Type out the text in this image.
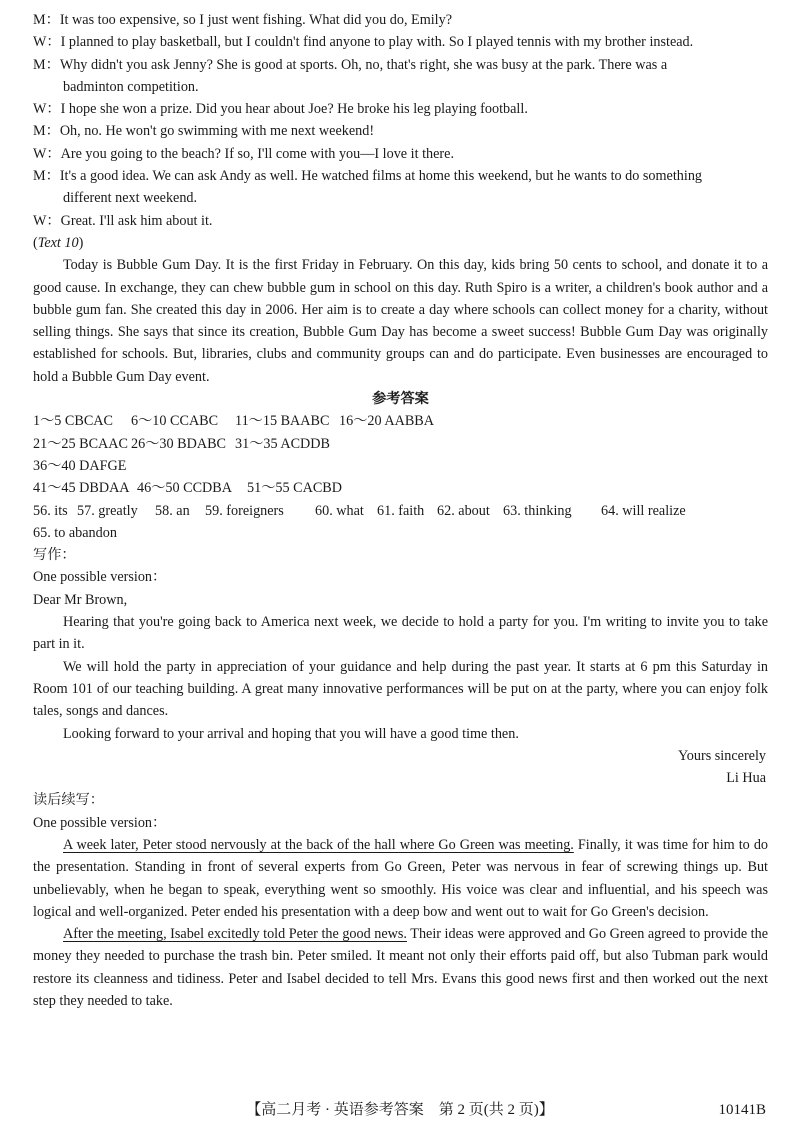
M：It was too expensive, so I just went fishing. What did you do, Emily?
W：I planned to play basketball, but I couldn't find anyone to play with. So I played tennis with my brother instead.
M：Why didn't you ask Jenny? She is good at sports. Oh, no, that's right, she was busy at the park. There was a
badminton competition.
W：I hope she won a prize. Did you hear about Joe? He broke his leg playing football.
M：Oh, no. He won't go swimming with me next weekend!
W：Are you going to the beach? If so, I'll come with you—I love it there.
M：It's a good idea. We can ask Andy as well. He watched films at home this weekend, but he wants to do something
different next weekend.
W：Great. I'll ask him about it.
(Text 10)
Today is Bubble Gum Day. It is the first Friday in February. On this day, kids bring 50 cents to school, and donate it to a good cause. In exchange, they can chew bubble gum in school on this day. Ruth Spiro is a writer, a children's book author and a bubble gum fan. She created this day in 2006. Her aim is to create a day where schools can collect money for a charity, without selling things. She says that since its creation, Bubble Gum Day has become a sweet success! Bubble Gum Day was originally established for schools. But, libraries, clubs and community groups can and do participate. Even businesses are encouraged to hold a Bubble Gum Day event.
参考答案
1～5 CBCAC 6～10 CCABC 11～15 BAABC 16～20 AABBA
21～25 BCAAC 26～30 BDABC 31～35 ACDDB
36～40 DAFGE
41～45 DBDAA 46～50 CCDBA 51～55 CACBD
56. its 57. greatly 58. an 59. foreigners 60. what 61. faith 62. about 63. thinking 64. will realize
65. to abandon
写作：
One possible version：
Dear Mr Brown,
Hearing that you're going back to America next week, we decide to hold a party for you. I'm writing to invite you to take part in it.
We will hold the party in appreciation of your guidance and help during the past year. It starts at 6 pm this Saturday in Room 101 of our teaching building. A great many innovative performances will be put on at the party, where you can enjoy folk tales, songs and dances.
Looking forward to your arrival and hoping that you will have a good time then.
Yours sincerely
Li Hua
读后续写：
One possible version：
A week later, Peter stood nervously at the back of the hall where Go Green was meeting. Finally, it was time for him to do the presentation. Standing in front of several experts from Go Green, Peter was nervous in fear of screwing things up. But unbelievably, when he began to speak, everything went so smoothly. His voice was clear and influential, and his speech was logical and well-organized. Peter ended his presentation with a deep bow and went out to wait for Go Green's decision.
After the meeting, Isabel excitedly told Peter the good news. Their ideas were approved and Go Green agreed to provide the money they needed to purchase the trash bin. Peter smiled. It meant not only their efforts paid off, but also Tubman park would restore its cleanness and tidiness. Peter and Isabel decided to tell Mrs. Evans this good news first and then worked out the next step they needed to take.
【高二月考 · 英语参考答案　第 2 页(共 2 页)】	10141B
